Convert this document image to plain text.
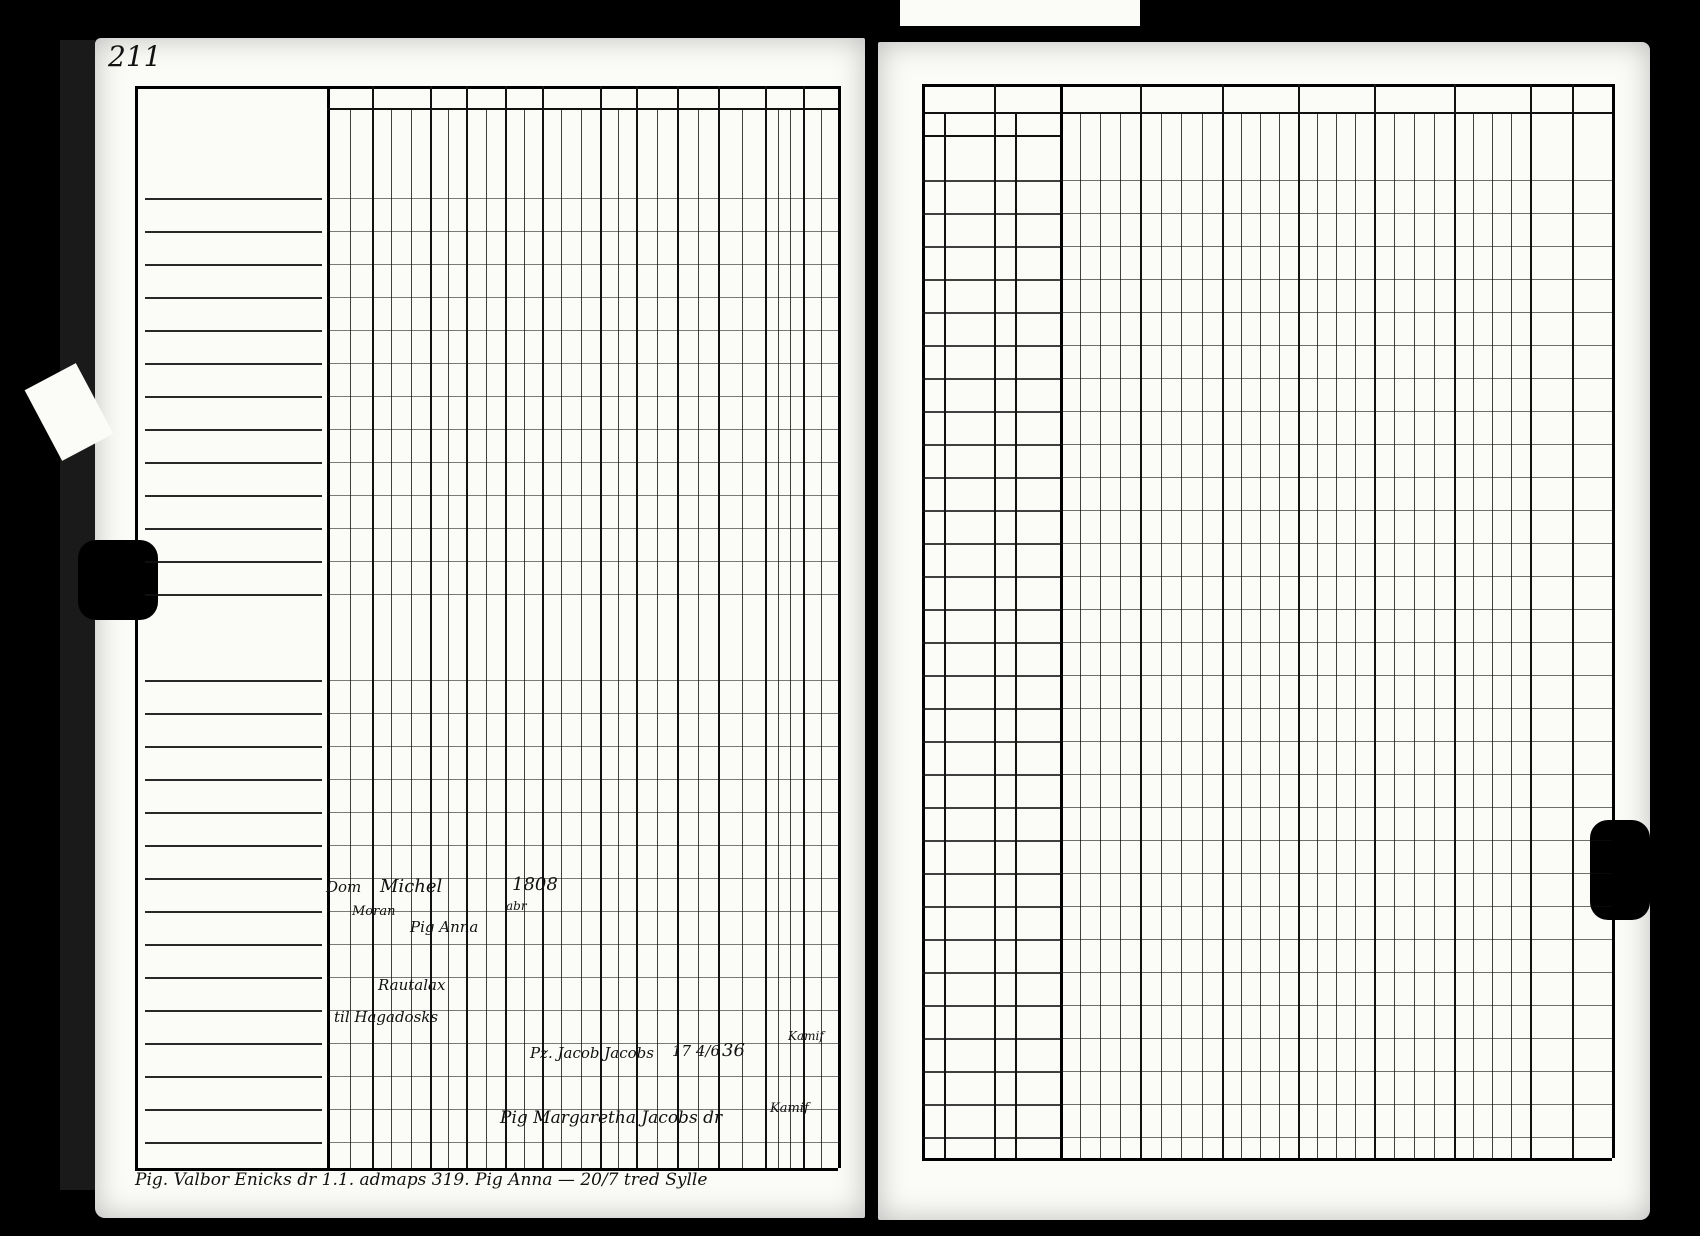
211
Dom Michel	1808
abr
Moran
Pig Anna
Rautalax
til Hagadosks
Pz. Jacob Jacobs 17 4/6 36
Kamif
Pig Margaretha Jacobs dr	Kamif
Pig. Valbor Enicks dr 1.1. admaps 319. Pig Anna — 20/7 tred Sylle
